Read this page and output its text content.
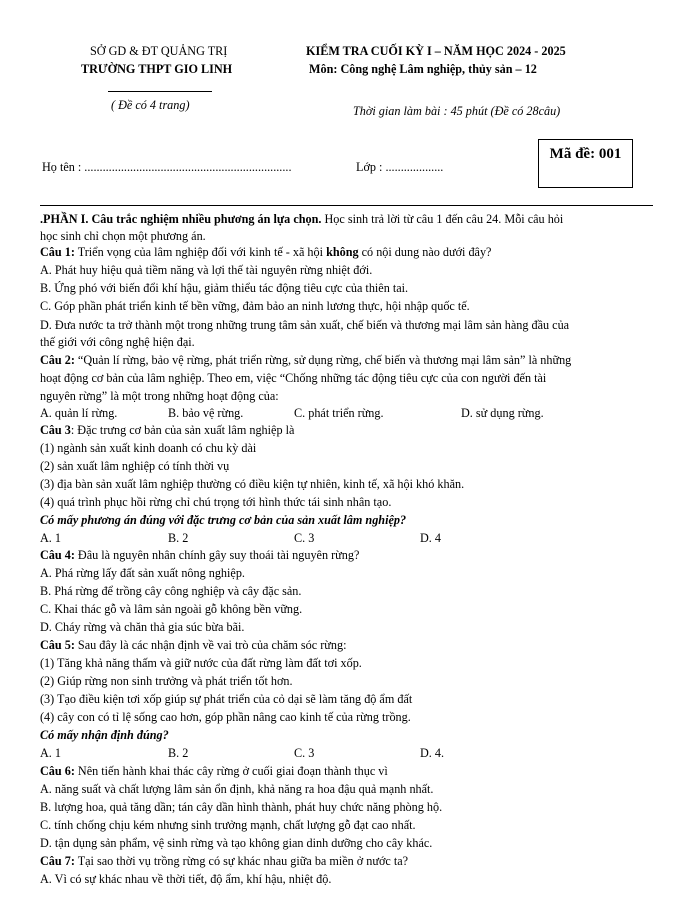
SỞ GD & ĐT QUẢNG TRỊ
TRƯỜNG THPT GIO LINH
( Đề có 4 trang)
KIỂM TRA CUỐI KỲ I – NĂM HỌC 2024 - 2025
Môn: Công nghệ Lâm nghiệp, thủy sản – 12
Thời gian làm bài : 45 phút (Đề có 28câu)
Họ tên : ....................................................................	Lớp : ...................
Mã đề: 001
.PHẦN I. Câu trắc nghiệm nhiều phương án lựa chọn. Học sinh trả lời từ câu 1 đến câu 24. Mỗi câu hỏi
học sinh chỉ chọn một phương án.
Câu 1: Triển vọng của lâm nghiệp đối với kinh tế - xã hội không có nội dung nào dưới đây?
A. Phát huy hiệu quả tiềm năng và lợi thế tài nguyên rừng nhiệt đới.
B. Ứng phó với biến đổi khí hậu, giảm thiểu tác động tiêu cực của thiên tai.
C. Góp phần phát triển kinh tế bền vững, đảm bảo an ninh lương thực, hội nhập quốc tế.
D. Đưa nước ta trở thành một trong những trung tâm sản xuất, chế biến và thương mại lâm sản hàng đầu của
thế giới với công nghệ hiện đại.
Câu 2: “Quản lí rừng, bảo vệ rừng, phát triển rừng, sử dụng rừng, chế biến và thương mại lâm sản” là những
hoạt động cơ bản của lâm nghiệp. Theo em, việc “Chống những tác động tiêu cực của con người đến tài
nguyên rừng” là một trong những hoạt động của:
A. quản lí rừng.	B. bảo vệ rừng.	C. phát triển rừng.	D. sử dụng rừng.
Câu 3: Đặc trưng cơ bản của sản xuất lâm nghiệp là
(1) ngành sản xuất kinh doanh có chu kỳ dài
(2) sản xuất lâm nghiệp có tính thời vụ
(3) địa bàn sản xuất lâm nghiệp thường có điều kiện tự nhiên, kinh tế, xã hội khó khăn.
(4) quá trình phục hồi rừng chỉ chú trọng tới hình thức tái sinh nhân tạo.
Có mấy phương án đúng với đặc trưng cơ bản của sản xuất lâm nghiệp?
A. 1	B. 2	C. 3	D. 4
Câu 4: Đâu là nguyên nhân chính gây suy thoái tài nguyên rừng?
A. Phá rừng lấy đất sản xuất nông nghiệp.
B. Phá rừng để trồng cây công nghiệp và cây đặc sản.
C. Khai thác gỗ và lâm sản ngoài gỗ không bền vững.
D. Cháy rừng và chăn thả gia súc bừa bãi.
Câu 5: Sau đây là các nhận định về vai trò của chăm sóc rừng:
(1) Tăng khả năng thấm và giữ nước của đất rừng làm đất tơi xốp.
(2) Giúp rừng non sinh trưởng và phát triển tốt hơn.
(3) Tạo điều kiện tơi xốp giúp sự phát triển của cỏ dại sẽ làm tăng độ ẩm đất
(4) cây con có tỉ lệ sống cao hơn, góp phần nâng cao kinh tế của rừng trồng.
Có mấy nhận định đúng?
A. 1	B. 2	C. 3	D. 4.
Câu 6: Nên tiến hành khai thác cây rừng ở cuối giai đoạn thành thục vì
A. năng suất và chất lượng lâm sản ổn định, khả năng ra hoa đậu quả mạnh nhất.
B. lượng hoa, quả tăng dần; tán cây dần hình thành, phát huy chức năng phòng hộ.
C. tính chống chịu kém nhưng sinh trưởng mạnh, chất lượng gỗ đạt cao nhất.
D. tận dụng sản phẩm, vệ sinh rừng và tạo không gian dinh dưỡng cho cây khác.
Câu 7: Tại sao thời vụ trồng rừng có sự khác nhau giữa ba miền ở nước ta?
A. Vì có sự khác nhau về thời tiết, độ ẩm, khí hậu, nhiệt độ.
